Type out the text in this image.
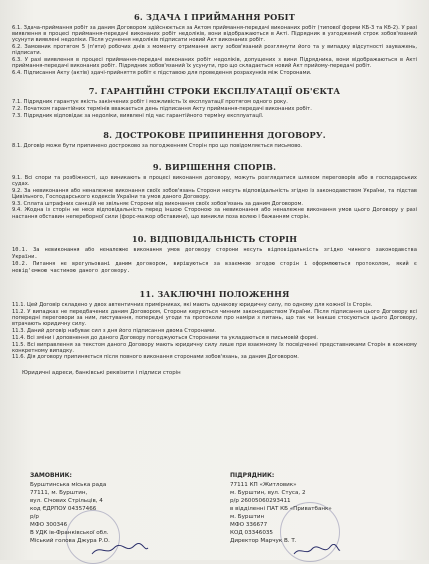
6. ЗДАЧА І ПРИЙМАННЯ РОБІТ

6.1. Здача-приймання робіт за даним Договором здійснюється за Актом приймання-передачі виконаних робіт (типової форми КБ-3 та Кб-2). У разі виявлення в процесі приймання-передачі виконаних робіт недоліків, вони відображаються в Акті. Підрядник в узгоджений строк зобов'язаний усунути виявлені недоліки. Після усунення недоліків підписати новий Акт виконаних робіт.

6.2. Замовник протягом 5 (п'яти) робочих днів з моменту отримання акту зобов'язаний розглянути його та у випадку відсутності зауважень, підписати.

6.3. У разі виявлення в процесі приймання-передачі виконаних робіт недоліків, допущених з вини Підрядника, вони відображаються в Акті приймання-передачі виконаних робіт. Підрядник зобов'язаний їх усунути, про що складається новий Акт прийому-передачі робіт.

6.4. Підписання Акту (актів) здачі-прийняття робіт є підставою для проведення розрахунків між Сторонами.

7. ГАРАНТІЙНІ СТРОКИ ЕКСПЛУАТАЦІЇ ОБ'ЄКТА

7.1. Підрядник гарантує якість закінчених робіт і можливість їх експлуатації протягом одного року.

7.2. Початком гарантійних термінів вважається день підписання Акту приймання-передачі виконаних робіт.

7.3. Підрядник відповідає за недоліки, виявлені під час гарантійного терміну експлуатації.

8. ДОСТРОКОВЕ ПРИПИНЕННЯ ДОГОВОРУ.

8.1. Договір може бути припинено достроково за погодженням Сторін про що повідомляється письмово.

9. ВИРІШЕННЯ СПОРІВ.

9.1. Всі спори та розбіжності, що виникають в процесі виконання договору, можуть розглядатися шляхом переговорів або в господарських судах.

9.2. За невиконання або неналежне виконання своїх зобов'язань Сторони несуть відповідальність згідно із законодавством України, та підстав Цивільного, Господарського кодексів України та умов даного Договору.

9.3. Сплата штрафних санкцій не звільняє Сторони від виконання своїх зобов'язань за даним Договором.

9.4. Жодна із сторін не несе відповідальність перед іншою Стороною за невиконання або неналежне виконання умов цього Договору у разі настання обставин непереборної сили (форс-мажор обставини), що виникли поза волею і бажанням сторін.

10. ВІДПОВІДАЛЬНІСТЬ СТОРІН

10.1. За невиконання або неналежне виконання умов договору сторони несуть відповідальність згідно чинного законодавства України.

10.2. Питання не врегульовані даним договором, вирішуються за взаємною згодою сторін і оформлюються протоколом, який є невід'ємною частиною даного договору.

11. ЗАКЛЮЧНІ ПОЛОЖЕННЯ

11.1. Цей Договір складено у двох автентичних примірниках, які мають однакову юридичну силу, по одному для кожної із Сторін.

11.2. У випадках не передбачених даним Договором, Сторони керуються чинним законодавством України. Після підписання цього Договору всі попередні переговори за ним, листування, попередні угоди та протоколи про наміри з питань, що так чи інакше стосуються цього Договору, втрачають юридичну силу.

11.3. Даний договір набуває сил з дня його підписання двома Сторонами.

11.4. Всі зміни і доповнення до даного Договору погоджуються Сторонами та укладаються в письмовій формі.

11.5. Всі виправлення за текстом даного Договору мають юридичну силу лише при взаємному їх посвідченні представниками Сторін в кожному конкретному випадку.

11.6. Дія договору припиняється після повного виконання сторонами зобов'язань, за даним Договором.

Юридичні адреси, банківські реквізити і підписи сторін

ЗАМОВНИК:

Бурштинська міська рада

77111, м. Бурштин,

вул. Січових Стрільців, 4

код ЄДРПОУ 04357466

р/р

МФО 300346

В УДК ів-Франківської обл.

Міський голова Джура Р.О.

ПІДРЯДНИК:

77111 КП «Житловик»

м. Бурштин, вул. Стуса, 2

р/р 26005060293411

в відділенні ПАТ КБ «Приватбанк»

м. Бурштин

МФО 336677

КОД 03346035

Директор Марчук В. Т.
